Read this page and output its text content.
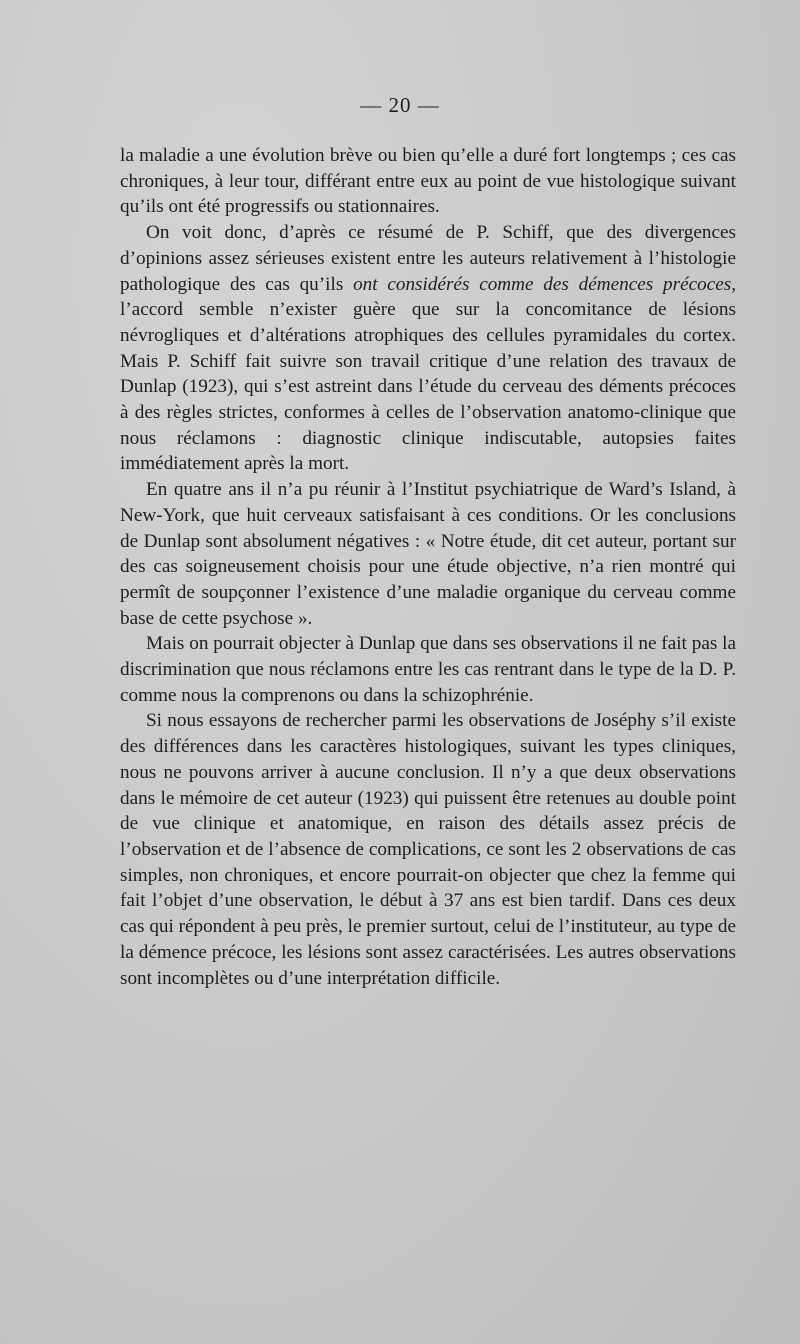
— 20 —

la maladie a une évolution brève ou bien qu’elle a duré fort longtemps ; ces cas chroniques, à leur tour, différant entre eux au point de vue histologique suivant qu’ils ont été progressifs ou stationnaires.

On voit donc, d’après ce résumé de P. Schiff, que des divergences d’opinions assez sérieuses existent entre les auteurs relativement à l’histologie pathologique des cas qu’ils ont considérés comme des démences précoces, l’accord semble n’exister guère que sur la concomitance de lésions névrogliques et d’altérations atrophiques des cellules pyramidales du cortex. Mais P. Schiff fait suivre son travail critique d’une relation des travaux de Dunlap (1923), qui s’est astreint dans l’étude du cerveau des déments précoces à des règles strictes, conformes à celles de l’observation anatomo-clinique que nous réclamons : diagnostic clinique indiscutable, autopsies faites immédiatement après la mort.

En quatre ans il n’a pu réunir à l’Institut psychiatrique de Ward’s Island, à New-York, que huit cerveaux satisfaisant à ces conditions. Or les conclusions de Dunlap sont absolument négatives : « Notre étude, dit cet auteur, portant sur des cas soigneusement choisis pour une étude objective, n’a rien montré qui permît de soupçonner l’existence d’une maladie organique du cerveau comme base de cette psychose ».

Mais on pourrait objecter à Dunlap que dans ses observations il ne fait pas la discrimination que nous réclamons entre les cas rentrant dans le type de la D. P. comme nous la comprenons ou dans la schizophrénie.

Si nous essayons de rechercher parmi les observations de Joséphy s’il existe des différences dans les caractères histologiques, suivant les types cliniques, nous ne pouvons arriver à aucune conclusion. Il n’y a que deux observations dans le mémoire de cet auteur (1923) qui puissent être retenues au double point de vue clinique et anatomique, en raison des détails assez précis de l’observation et de l’absence de complications, ce sont les 2 observations de cas simples, non chroniques, et encore pourrait-on objecter que chez la femme qui fait l’objet d’une observation, le début à 37 ans est bien tardif. Dans ces deux cas qui répondent à peu près, le premier surtout, celui de l’instituteur, au type de la démence précoce, les lésions sont assez caractérisées. Les autres observations sont incomplètes ou d’une interprétation difficile.
